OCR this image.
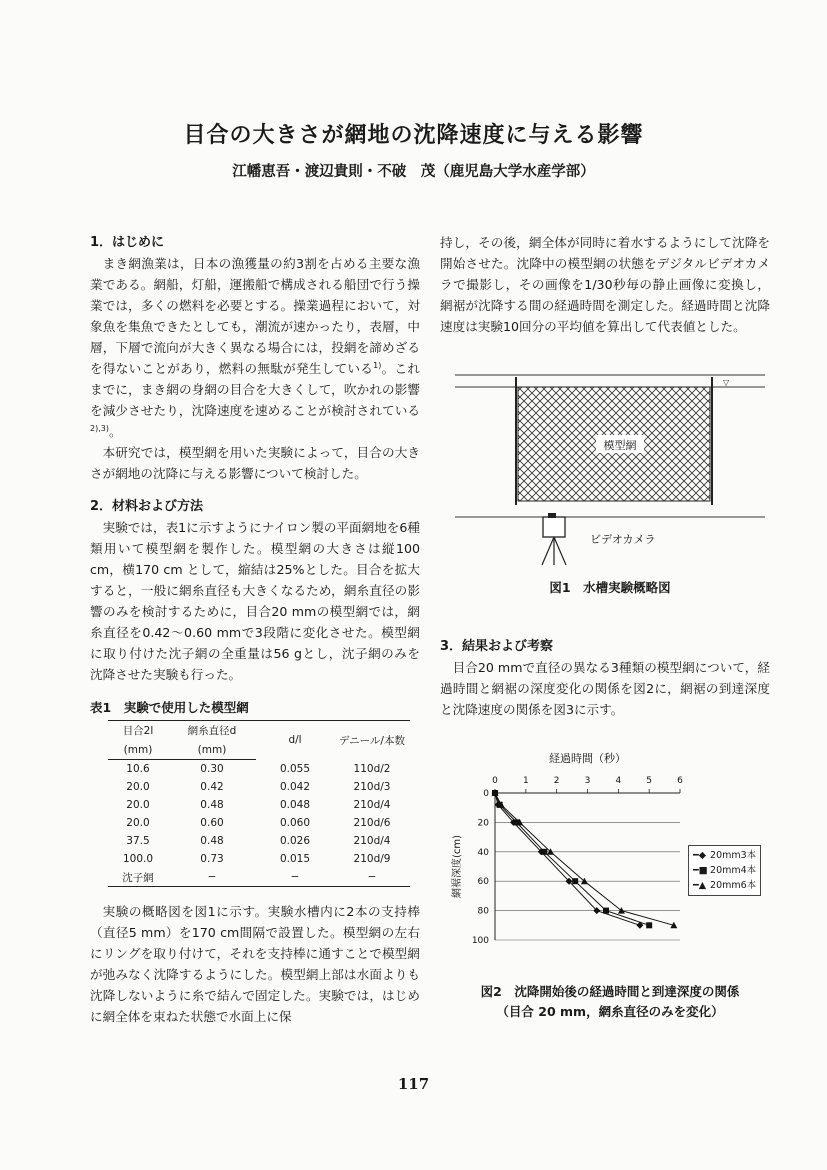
目合の大きさが網地の沈降速度に与える影響
江幡恵吾・渡辺貴則・不破　茂（鹿児島大学水産学部）
1．はじめに

まき網漁業は，日本の漁獲量の約3割を占める主要な漁業である。網船，灯船，運搬船で構成される船団で行う操業では，多くの燃料を必要とする。操業過程において，対象魚を集魚できたとしても，潮流が速かったり，表層，中層，下層で流向が大きく異なる場合には，投網を諦めざるを得ないことがあり，燃料の無駄が発生している$^{1)}$。これまでに，まき網の身網の目合を大きくして，吹かれの影響を減少させたり，沈降速度を速めることが検討されている$^{2),3)}$。

本研究では，模型網を用いた実験によって，目合の大きさが網地の沈降に与える影響について検討した。

2．材料および方法

実験では，表1に示すようにナイロン製の平面網地を6種類用いて模型網を製作した。模型網の大きさは縦100 cm，横170 cm として，縮結は25%とした。目合を拡大すると，一般に網糸直径も大きくなるため，網糸直径の影響のみを検討するために，目合20 mmの模型網では，網糸直径を0.42〜0.60 mmで3段階に変化させた。模型網に取り付けた沈子網の全重量は56 gとし，沈子網のみを沈降させた実験も行った。

表1　実験で使用した模型網
目合2l	網糸直径d	d/l	デニール/本数
(mm)	(mm)		
10.6	0.30	0.055	110d/2
20.0	0.42	0.042	210d/3
20.0	0.48	0.048	210d/4
20.0	0.60	0.060	210d/6
37.5	0.48	0.026	210d/4
100.0	0.73	0.015	210d/9
沈子網	−	−	−

実験の概略図を図1に示す。実験水槽内に2本の支持棒（直径5 mm）を170 cm間隔で設置した。模型網の左右にリングを取り付けて，それを支持棒に通すことで模型網が弛みなく沈降するようにした。模型網上部は水面よりも沈降しないように糸で結んで固定した。実験では，はじめに網全体を束ねた状態で水面上に保

持し，その後，網全体が同時に着水するようにして沈降を開始させた。沈降中の模型網の状態をデジタルビデオカメラで撮影し，その画像を1/30秒毎の静止画像に変換し，網裾が沈降する間の経過時間を測定した。経過時間と沈降速度は実験10回分の平均値を算出して代表値とした。

▽
模型網
ビデオカメラ
図1　水槽実験概略図
3．結果および考察

目合20 mmで直径の異なる3種類の模型網について，経過時間と網裾の深度変化の関係を図2に，網裾の到達深度と沈降速度の関係を図3に示す。

経過時間（秒）
網裾深度(cm)
0
20
40
60
80
100
0	1	2	3	4	5	6
━◆ 20mm3本
━■ 20mm4本
━▲ 20mm6本
図2　沈降開始後の経過時間と到達深度の関係
（目合 20 mm，網糸直径のみを変化）
117
